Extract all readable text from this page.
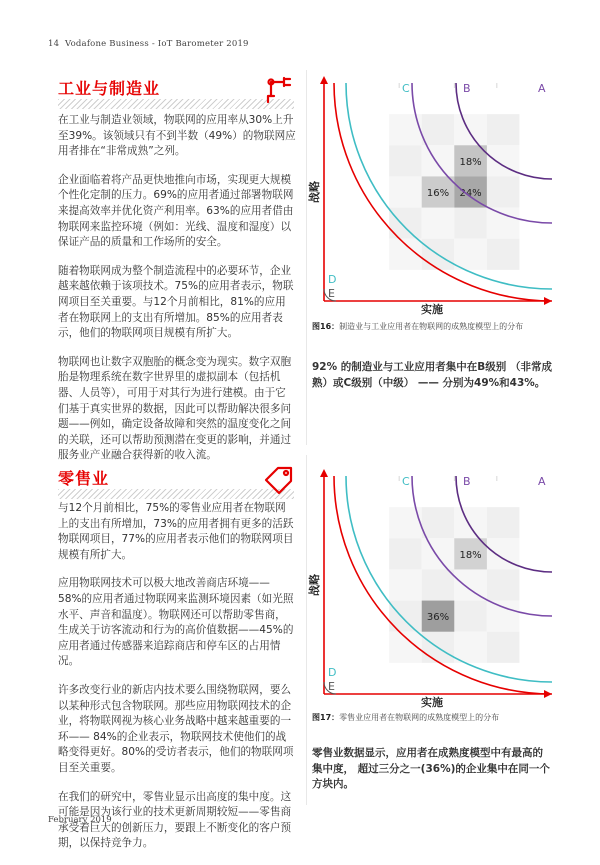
14 Vodafone Business - IoT Barometer 2019
工业与制造业

在工业与制造业领域，物联网的应用率从30%上升至39%。该领域只有不到半数（49%）的物联网应用者排在“非常成熟”之列。

企业面临着将产品更快地推向市场，实现更大规模个性化定制的压力。69%的应用者通过部署物联网来提高效率并优化资产利用率。63%的应用者借由物联网来监控环境（例如：光线、温度和湿度）以保证产品的质量和工作场所的安全。

随着物联网成为整个制造流程中的必要环节，企业越来越依赖于该项技术。75%的应用者表示，物联网项目至关重要。与12个月前相比，81%的应用者在物联网上的支出有所增加。85%的应用者表示，他们的物联网项目规模有所扩大。

物联网也让数字双胞胎的概念变为现实。数字双胞胎是物理系统在数字世界里的虚拟副本（包括机器、人员等），可用于对其行为进行建模。由于它们基于真实世界的数据，因此可以帮助解决很多问题——例如，确定设备故障和突然的温度变化之间的关联，还可以帮助预测潜在变更的影响，并通过服务业产业融合获得新的收入流。

18%
16% 24%
C	B	A
D
E
战略
实施
图16：制造业与工业应用者在物联网的成熟度模型上的分布
92% 的制造业与工业应用者集中在B级别 （非常成熟）或C级别（中级） —— 分别为49%和43%。
零售业

与12个月前相比，75%的零售业应用者在物联网上的支出有所增加，73%的应用者拥有更多的活跃物联网项目，77%的应用者表示他们的物联网项目规模有所扩大。

应用物联网技术可以极大地改善商店环境—— 58%的应用者通过物联网来监测环境因素（如光照水平、声音和温度）。物联网还可以帮助零售商，生成关于访客流动和行为的高价值数据——45%的应用者通过传感器来追踪商店和停车区的占用情况。

许多改变行业的新店内技术要么围绕物联网，要么以某种形式包含物联网。那些应用物联网技术的企业，将物联网视为核心业务战略中越来越重要的一环—— 84%的企业表示，物联网技术使他们的战略变得更好。80%的受访者表示，他们的物联网项目至关重要。

在我们的研究中，零售业显示出高度的集中度。这可能是因为该行业的技术更新周期较短——零售商承受着巨大的创新压力，要跟上不断变化的客户预期，以保持竞争力。

18%
36%
C	B	A
D
E
战略
实施
图17：零售业应用者在物联网的成熟度模型上的分布
零售业数据显示，应用者在成熟度模型中有最高的集中度， 超过三分之一(36%)的企业集中在同一个方块内。
February 2019
